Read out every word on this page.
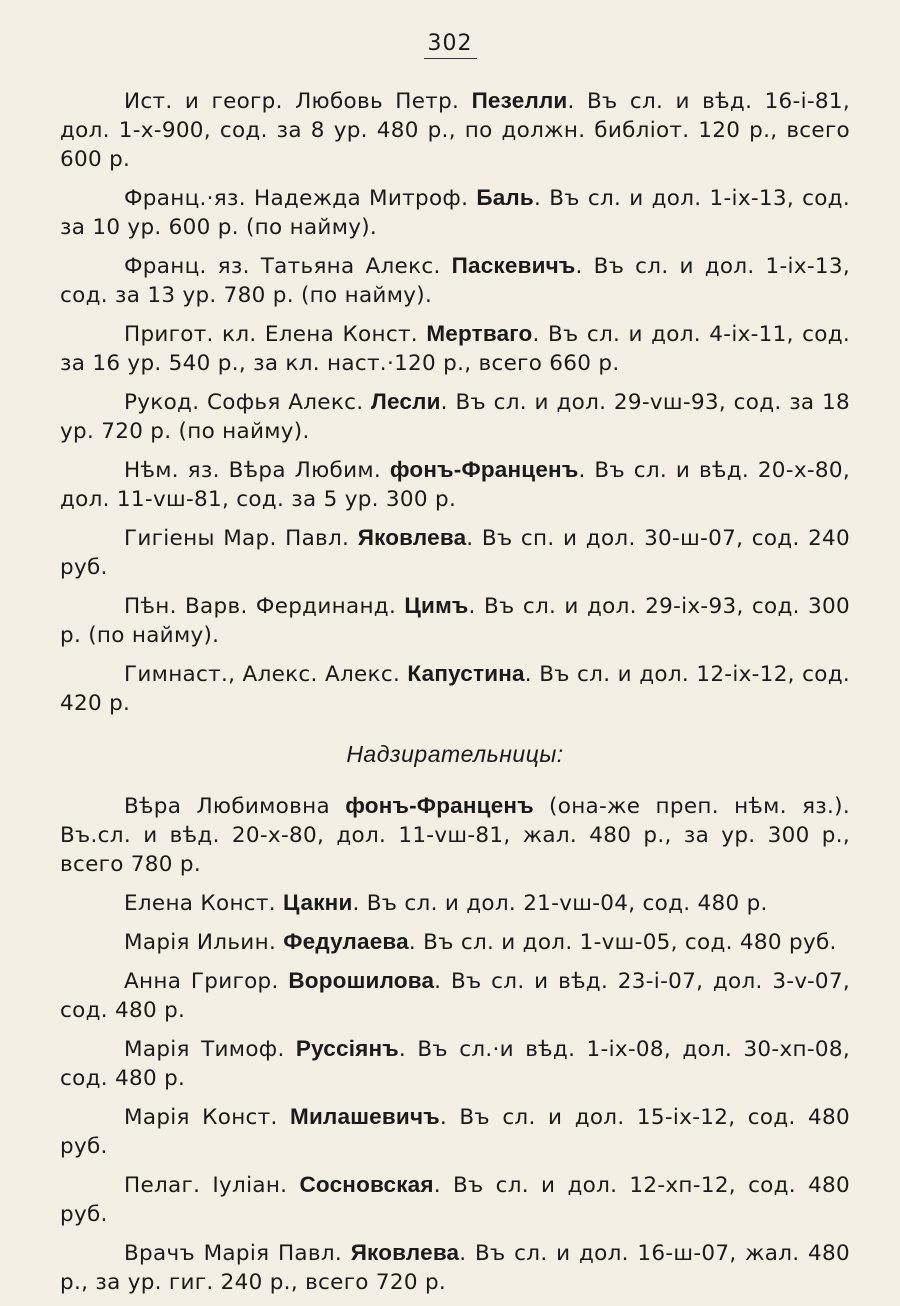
302

Ист. и геогр. Любовь Петр. Пезелли. Въ сл. и вѣд. 16-і-81, дол. 1-х-900, сод. за 8 ур. 480 р., по должн. библіот. 120 р., всего 600 р.

Франц.·яз. Надежда Митроф. Баль. Въ сл. и дол. 1-іх-13, сод. за 10 ур. 600 р. (по найму).

Франц. яз. Татьяна Алекс. Паскевичъ. Въ сл. и дол. 1-іх-13, сод. за 13 ур. 780 р. (по найму).

Пригот. кл. Елена Конст. Мертваго. Въ сл. и дол. 4-іх-11, сод. за 16 ур. 540 р., за кл. наст.·120 р., всего 660 р.

Рукод. Софья Алекс. Лесли. Въ сл. и дол. 29-vш-93, сод. за 18 ур. 720 р. (по найму).

Нѣм. яз. Вѣра Любим. фонъ-Франценъ. Въ сл. и вѣд. 20-х-80, дол. 11-vш-81, сод. за 5 ур. 300 р.

Гигіены Мар. Павл. Яковлева. Въ сп. и дол. 30-ш-07, сод. 240 руб.

Пѣн. Варв. Фердинанд. Цимъ. Въ сл. и дол. 29-іх-93, сод. 300 р. (по найму).

Гимнаст., Алекс. Алекс. Капустина. Въ сл. и дол. 12-іх-12, сод. 420 р.

Надзирательницы:

Вѣра Любимовна фонъ-Франценъ (она-же преп. нѣм. яз.). Въ.сл. и вѣд. 20-х-80, дол. 11-vш-81, жал. 480 р., за ур. 300 р., всего 780 р.

Елена Конст. Цакни. Въ сл. и дол. 21-vш-04, сод. 480 р.

Марія Ильин. Федулаева. Въ сл. и дол. 1-vш-05, сод. 480 руб.

Анна Григор. Ворошилова. Въ сл. и вѣд. 23-і-07, дол. 3-v-07, сод. 480 р.

Марія Тимоф. Руссіянъ. Въ сл.·и вѣд. 1-іх-08, дол. 30-хп-08, сод. 480 р.

Марія Конст. Милашевичъ. Въ сл. и дол. 15-іх-12, сод. 480 руб.

Пелаг. Іуліан. Сосновская. Въ сл. и дол. 12-хп-12, сод. 480 руб.

Врачъ Марія Павл. Яковлева. Въ сл. и дол. 16-ш-07, жал. 480 р., за ур. гиг. 240 р., всего 720 р.
